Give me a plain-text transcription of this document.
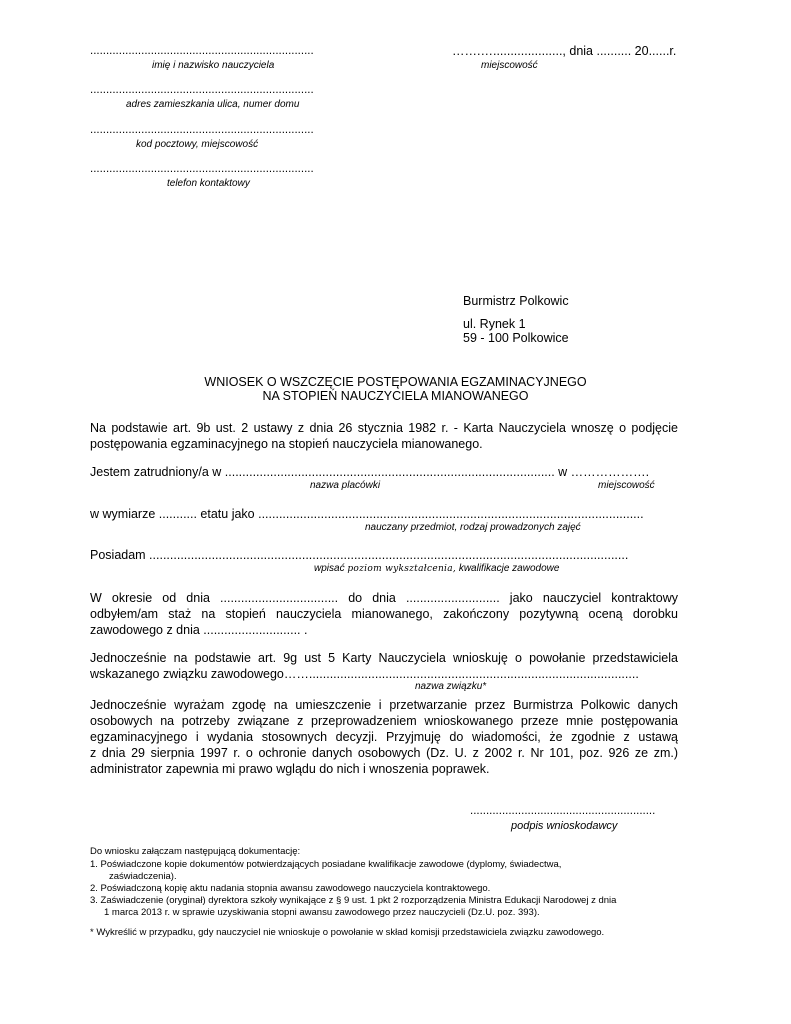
......................................................................
imię i nazwisko nauczyciela
......................................................................
adres zamieszkania ulica, numer domu
......................................................................
kod pocztowy, miejscowość
......................................................................
telefon kontaktowy
…….…...................., dnia .......... 20......r.
miejscowość
Burmistrz Polkowic
ul. Rynek 1
59 - 100 Polkowice
WNIOSEK O WSZCZĘCIE POSTĘPOWANIA EGZAMINACYJNEGO
NA STOPIEŃ NAUCZYCIELA MIANOWANEGO
Na podstawie art. 9b ust. 2 ustawy z dnia 26 stycznia 1982 r. - Karta Nauczyciela wnoszę o podjęcie
postępowania egzaminacyjnego na stopień nauczyciela mianowanego.
Jestem zatrudniony/a w ............................................................................................... w ……………….
nazwa placówki	miejscowość
w wymiarze ........... etatu jako ...............................................................................................................
nauczany przedmiot, rodzaj prowadzonych zajęć
Posiadam ..........................................................................................................................................
wpisać poziom wykształcenia, kwalifikacje zawodowe
W okresie od dnia .................................. do dnia ........................... jako nauczyciel kontraktowy
odbyłem/am staż na stopień nauczyciela mianowanego, zakończony pozytywną oceną dorobku
zawodowego z dnia ............................ .
Jednocześnie na podstawie art. 9g ust 5 Karty Nauczyciela wnioskuję o powołanie przedstawiciela
wskazanego związku zawodowego……...............................................................................................
nazwa związku*
Jednocześnie wyrażam zgodę na umieszczenie i przetwarzanie przez Burmistrza Polkowic danych
osobowych na potrzeby związane z przeprowadzeniem wnioskowanego przeze mnie postępowania
egzaminacyjnego i wydania stosownych decyzji. Przyjmuję do wiadomości, że zgodnie z ustawą
z dnia 29 sierpnia 1997 r. o ochronie danych osobowych (Dz. U. z 2002 r. Nr 101, poz. 926 ze zm.)
administrator zapewnia mi prawo wglądu do nich i wnoszenia poprawek.
..........................................................
podpis wnioskodawcy
Do wniosku załączam następującą dokumentację:
1. Poświadczone kopie dokumentów potwierdzających posiadane kwalifikacje zawodowe (dyplomy, świadectwa,
zaświadczenia).
2. Poświadczoną kopię aktu nadania stopnia awansu zawodowego nauczyciela kontraktowego.
3. Zaświadczenie (oryginał) dyrektora szkoły wynikające z § 9 ust. 1 pkt 2 rozporządzenia Ministra Edukacji Narodowej z dnia
1 marca 2013 r. w sprawie uzyskiwania stopni awansu zawodowego przez nauczycieli (Dz.U. poz. 393).
* Wykreślić w przypadku, gdy nauczyciel nie wnioskuje o powołanie w skład komisji przedstawiciela związku zawodowego.
